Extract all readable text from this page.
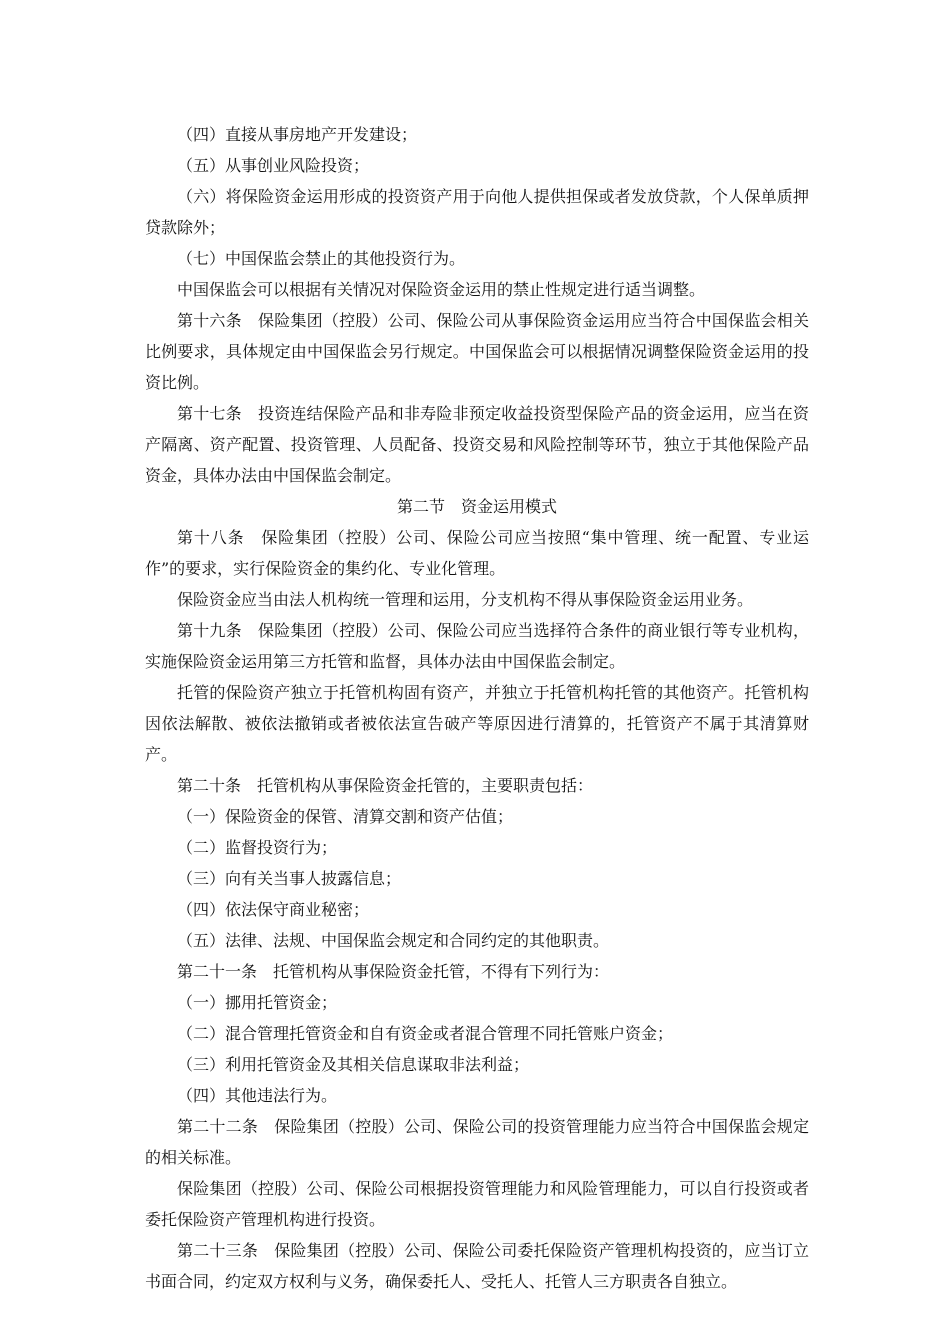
（四）直接从事房地产开发建设；

（五）从事创业风险投资；

（六）将保险资金运用形成的投资资产用于向他人提供担保或者发放贷款，个人保单质押贷款除外；

（七）中国保监会禁止的其他投资行为。

中国保监会可以根据有关情况对保险资金运用的禁止性规定进行适当调整。

第十六条　保险集团（控股）公司、保险公司从事保险资金运用应当符合中国保监会相关比例要求，具体规定由中国保监会另行规定。中国保监会可以根据情况调整保险资金运用的投资比例。

第十七条　投资连结保险产品和非寿险非预定收益投资型保险产品的资金运用，应当在资产隔离、资产配置、投资管理、人员配备、投资交易和风险控制等环节，独立于其他保险产品资金，具体办法由中国保监会制定。

第二节　资金运用模式

第十八条　保险集团（控股）公司、保险公司应当按照“集中管理、统一配置、专业运作”的要求，实行保险资金的集约化、专业化管理。

保险资金应当由法人机构统一管理和运用，分支机构不得从事保险资金运用业务。

第十九条　保险集团（控股）公司、保险公司应当选择符合条件的商业银行等专业机构，实施保险资金运用第三方托管和监督，具体办法由中国保监会制定。

托管的保险资产独立于托管机构固有资产，并独立于托管机构托管的其他资产。托管机构因依法解散、被依法撤销或者被依法宣告破产等原因进行清算的，托管资产不属于其清算财产。

第二十条　托管机构从事保险资金托管的，主要职责包括：

（一）保险资金的保管、清算交割和资产估值；

（二）监督投资行为；

（三）向有关当事人披露信息；

（四）依法保守商业秘密；

（五）法律、法规、中国保监会规定和合同约定的其他职责。

第二十一条　托管机构从事保险资金托管，不得有下列行为：

（一）挪用托管资金；

（二）混合管理托管资金和自有资金或者混合管理不同托管账户资金；

（三）利用托管资金及其相关信息谋取非法利益；

（四）其他违法行为。

第二十二条　保险集团（控股）公司、保险公司的投资管理能力应当符合中国保监会规定的相关标准。

保险集团（控股）公司、保险公司根据投资管理能力和风险管理能力，可以自行投资或者委托保险资产管理机构进行投资。

第二十三条　保险集团（控股）公司、保险公司委托保险资产管理机构投资的，应当订立书面合同，约定双方权利与义务，确保委托人、受托人、托管人三方职责各自独立。
